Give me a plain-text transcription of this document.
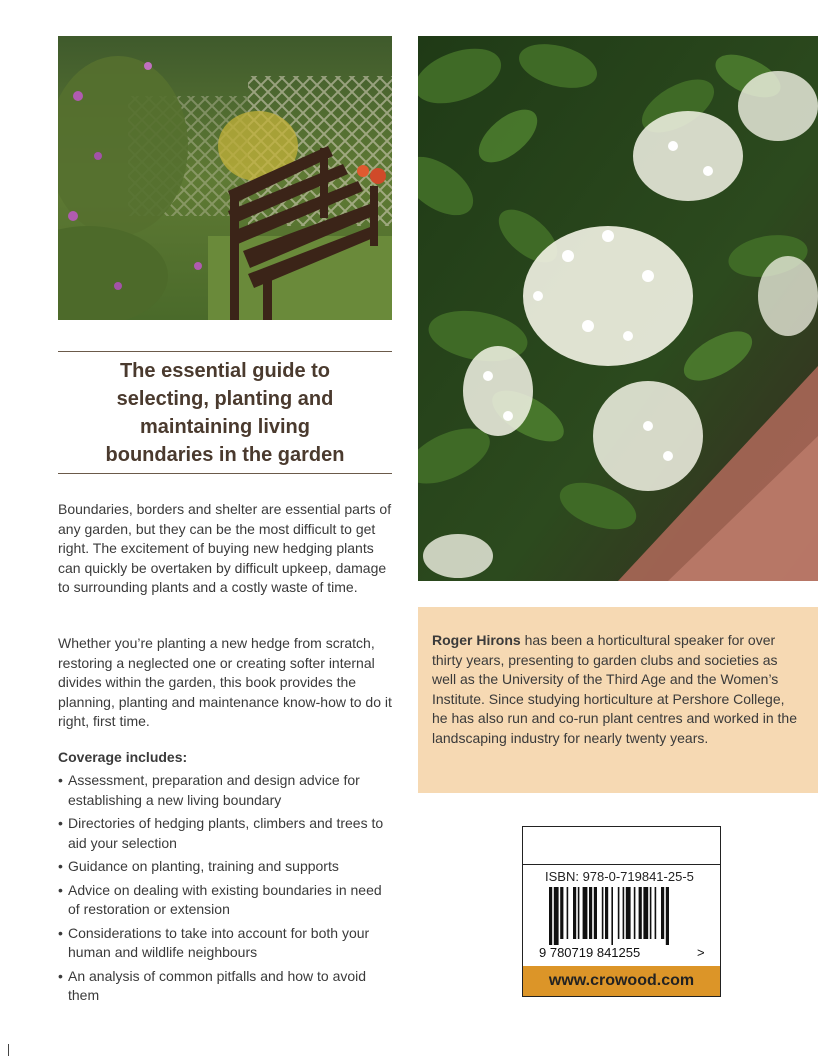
The essential guide to
selecting, planting and
maintaining living
boundaries in the garden

Boundaries, borders and shelter are essential parts of any garden, but they can be the most difficult to get right. The excitement of buying new hedging plants can quickly be overtaken by difficult upkeep, damage to surrounding plants and a costly waste of time.

Whether you’re planting a new hedge from scratch, restoring a neglected one or creating softer internal divides within the garden, this book provides the planning, planting and maintenance know-how to do it right, first time.

Coverage includes:

• Assessment, preparation and design advice for establishing a new living boundary
• Directories of hedging plants, climbers and trees to aid your selection
• Guidance on planting, training and supports
• Advice on dealing with existing boundaries in need of restoration or extension
• Considerations to take into account for both your human and wildlife neighbours
• An analysis of common pitfalls and how to avoid them
Roger Hirons has been a horticultural speaker for over thirty years, presenting to garden clubs and societies as well as the University of the Third Age and the Women’s Institute. Since studying horticulture at Pershore College, he has also run and co-run plant centres and worked in the landscaping industry for nearly twenty years.
ISBN: 978-0-719841-25-5
9 780719 841255	>
www.crowood.com
